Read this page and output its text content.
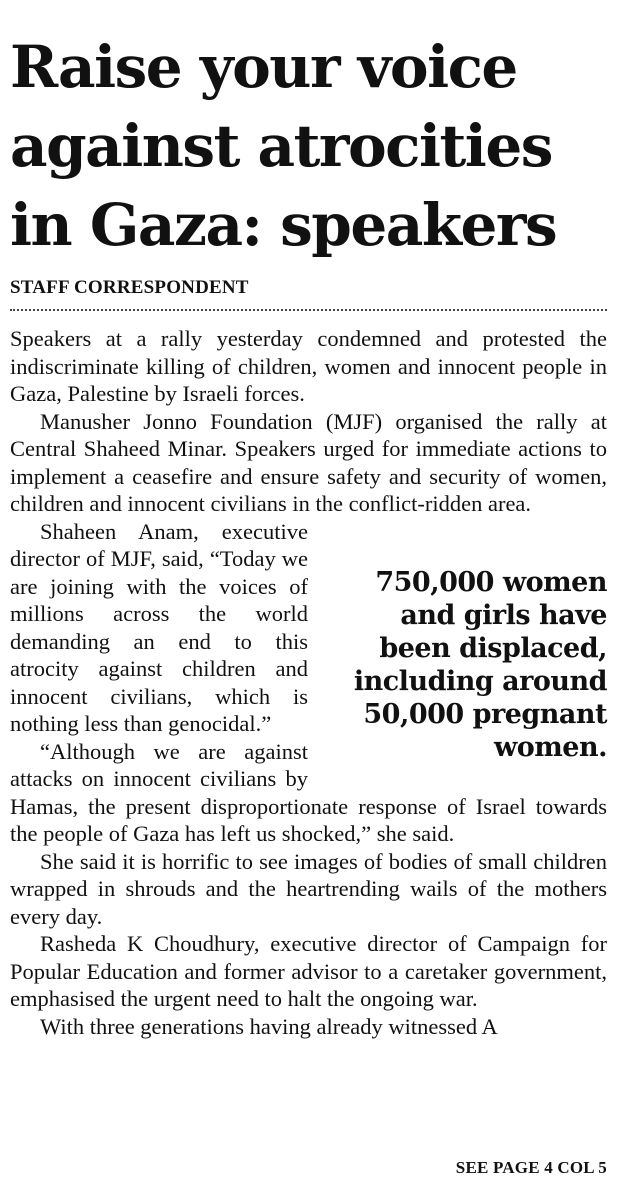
Raise your voice
against atrocities
in Gaza: speakers
STAFF CORRESPONDENT

Speakers at a rally yesterday condemned and protested the indiscriminate killing of children, women and innocent people in Gaza, Palestine by Israeli forces.

Manusher Jonno Foundation (MJF) organised the rally at Central Shaheed Minar. Speakers urged for immediate actions to implement a ceasefire and ensure safety and security of women, children and innocent civilians in the conflict-ridden area.

750,000 women and girls have been displaced, including around 50,000 pregnant women.

Shaheen Anam, executive director of MJF, said, “Today we are joining with the voices of millions across the world demanding an end to this atrocity against children and innocent civilians, which is nothing less than genocidal.”

“Although we are against attacks on innocent civilians by Hamas, the present disproportionate response of Israel towards the people of Gaza has left us shocked,” she said.

She said it is horrific to see images of bodies of small children wrapped in shrouds and the heartrending wails of the mothers every day.

Rasheda K Choudhury, executive director of Campaign for Popular Education and former advisor to a caretaker government, emphasised the urgent need to halt the ongoing war.

With three generations having already witnessed A

SEE PAGE 4 COL 5
